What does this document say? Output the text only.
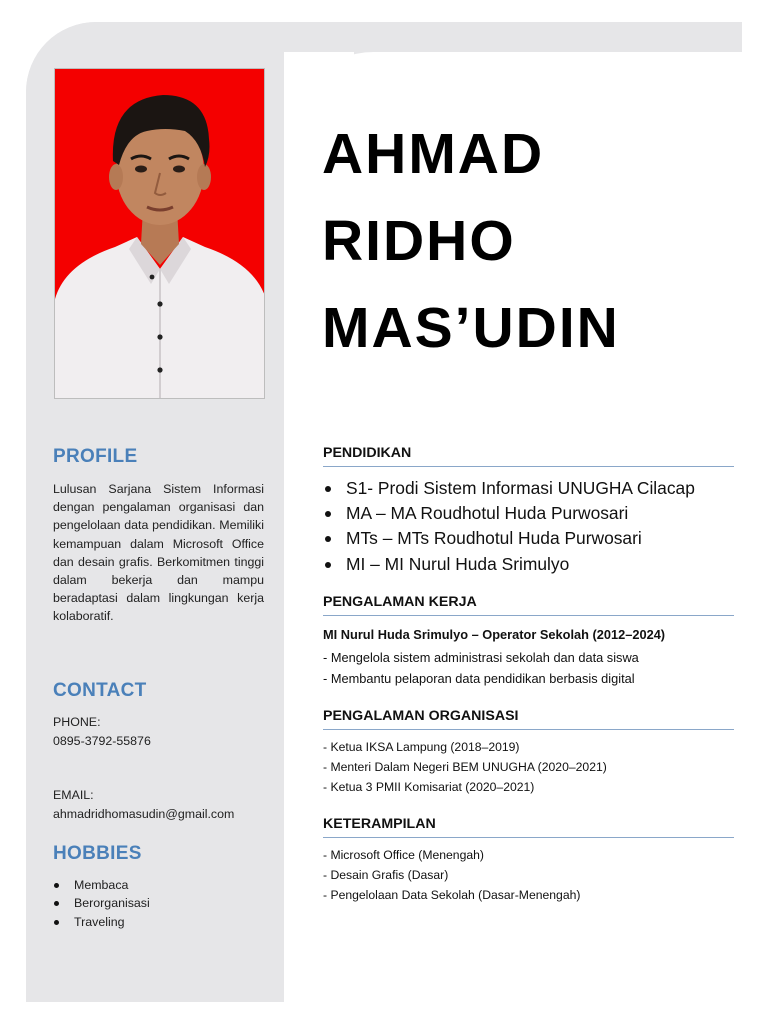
PROFILE
Lulusan Sarjana Sistem Informasi dengan pengalaman organisasi dan pengelolaan data pendidikan. Memiliki kemampuan dalam Microsoft Office dan desain grafis. Berkomitmen tinggi dalam bekerja dan mampu beradaptasi dalam lingkungan kerja kolaboratif.
CONTACT
PHONE:
0895-3792-55876
EMAIL:
ahmadridhomasudin@gmail.com
HOBBIES
Membaca
Berorganisasi
Traveling
AHMAD
RIDHO
MAS’UDIN
PENDIDIKAN
S1- Prodi Sistem Informasi UNUGHA Cilacap
MA – MA Roudhotul Huda Purwosari
MTs – MTs Roudhotul Huda Purwosari
MI – MI Nurul Huda Srimulyo
PENGALAMAN KERJA
MI Nurul Huda Srimulyo – Operator Sekolah (2012–2024)
- Mengelola sistem administrasi sekolah dan data siswa
- Membantu pelaporan data pendidikan berbasis digital
PENGALAMAN ORGANISASI
- Ketua IKSA Lampung (2018–2019)
- Menteri Dalam Negeri BEM UNUGHA (2020–2021)
- Ketua 3 PMII Komisariat (2020–2021)
KETERAMPILAN
- Microsoft Office (Menengah)
- Desain Grafis (Dasar)
- Pengelolaan Data Sekolah (Dasar-Menengah)
